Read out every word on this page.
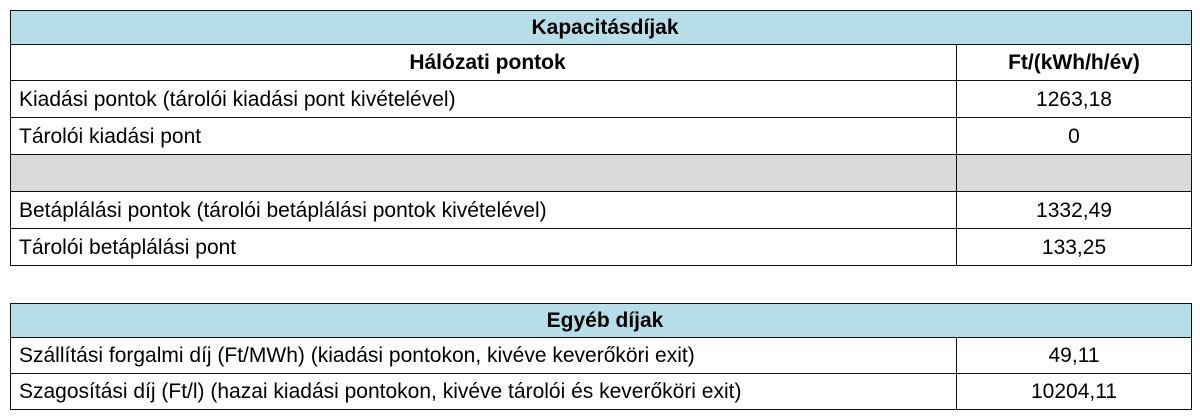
Kapacitásdíjak	
Hálózati pontok	Ft/(kWh/h/év)
Kiadási pontok (tárolói kiadási pont kivételével)	1263,18
Tárolói kiadási pont	0

Betáplálási pontok (tárolói betáplálási pontok kivételével)	1332,49
Tárolói betáplálási pont	133,25
Egyéb díjak	
Szállítási forgalmi díj (Ft/MWh) (kiadási pontokon, kivéve keverőköri exit)	49,11
Szagosítási díj (Ft/l) (hazai kiadási pontokon, kivéve tárolói és keverőköri exit)	10204,11
